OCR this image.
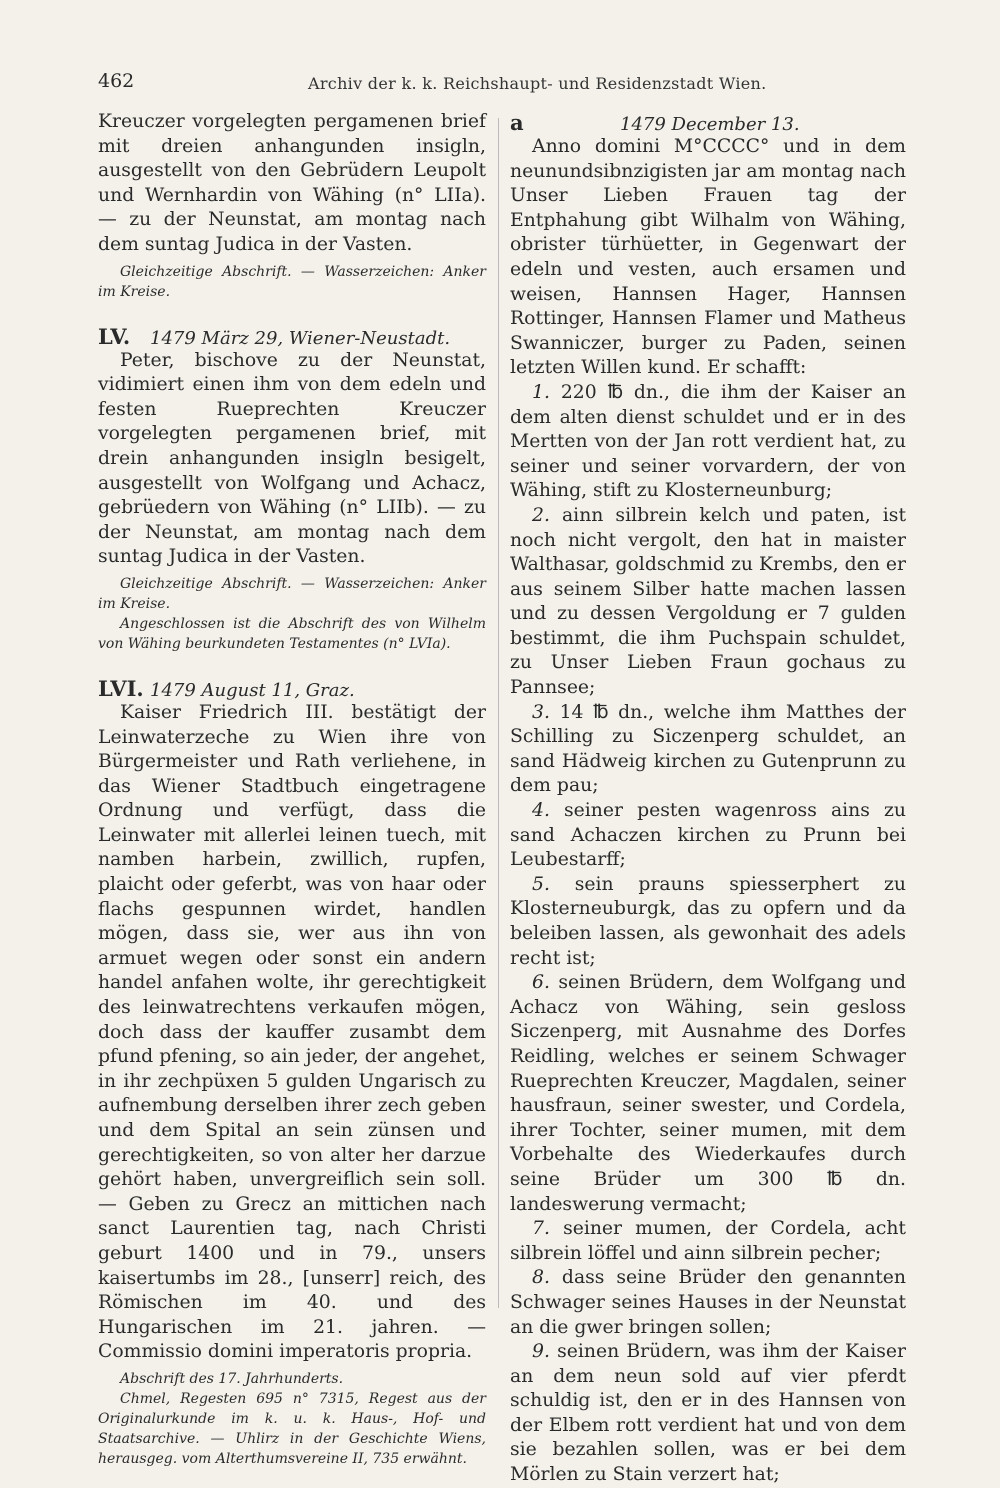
462	Archiv der k. k. Reichshaupt- und Residenzstadt Wien.

Kreuczer vorgelegten pergamenen brief mit dreien anhangunden insigln, ausgestellt von den Gebrüdern Leupolt und Wernhardin von Wähing (n° LIIa). — zu der Neunstat, am montag nach dem suntag Judica in der Vasten.

Gleichzeitige Abschrift. — Wasserzeichen: Anker im Kreise.

LV.	1479 März 29, Wiener-Neustadt.

Peter, bischove zu der Neunstat, vidimiert einen ihm von dem edeln und festen Rueprechten Kreuczer vorgelegten pergamenen brief, mit drein anhangunden insigln besigelt, ausgestellt von Wolfgang und Achacz, gebrüedern von Wähing (n° LIIb). — zu der Neunstat, am montag nach dem suntag Judica in der Vasten.

Gleichzeitige Abschrift. — Wasserzeichen: Anker im Kreise.

Angeschlossen ist die Abschrift des von Wilhelm von Wähing beurkundeten Testamentes (n° LVIa).

LVI. 1479 August 11, Graz.

Kaiser Friedrich III. bestätigt der Leinwaterzeche zu Wien ihre von Bürgermeister und Rath verliehene, in das Wiener Stadtbuch eingetragene Ordnung und verfügt, dass die Leinwater mit allerlei leinen tuech, mit namben harbein, zwillich, rupfen, plaicht oder geferbt, was von haar oder flachs gespunnen wirdet, handlen mögen, dass sie, wer aus ihn von armuet wegen oder sonst ein andern handel anfahen wolte, ihr gerechtigkeit des leinwatrechtens verkaufen mögen, doch dass der kauffer zusambt dem pfund pfening, so ain jeder, der angehet, in ihr zechpüxen 5 gulden Ungarisch zu aufnembung derselben ihrer zech geben und dem Spital an sein zünsen und gerechtigkeiten, so von alter her darzue gehört haben, unvergreiflich sein soll. — Geben zu Grecz an mittichen nach sanct Laurentien tag, nach Christi geburt 1400 und in 79., unsers kaisertumbs im 28., [unserr] reich, des Römischen im 40. und des Hungarischen im 21. jahren. — Commissio domini imperatoris propria.

Abschrift des 17. Jahrhunderts.

Chmel, Regesten 695 n° 7315, Regest aus der Originalurkunde im k. u. k. Haus-, Hof- und Staatsarchive. — Uhlirz in der Geschichte Wiens, herausgeg. vom Alterthumsvereine II, 735 erwähnt.

a	1479 December 13.

Anno domini M°CCCC° und in dem neunundsibnzigisten jar am montag nach Unser Lieben Frauen tag der Entphahung gibt Wilhalm von Wähing, obrister türhüetter, in Gegenwart der edeln und vesten, auch ersamen und weisen, Hannsen Hager, Hannsen Rottinger, Hannsen Flamer und Matheus Swanniczer, burger zu Paden, seinen letzten Willen kund. Er schafft:

1. 220 ℔ dn., die ihm der Kaiser an dem alten dienst schuldet und er in des Mertten von der Jan rott verdient hat, zu seiner und seiner vorvardern, der von Wähing, stift zu Klosterneunburg;

2. ainn silbrein kelch und paten, ist noch nicht vergolt, den hat in maister Walthasar, goldschmid zu Krembs, den er aus seinem Silber hatte machen lassen und zu dessen Vergoldung er 7 gulden bestimmt, die ihm Puchspain schuldet, zu Unser Lieben Fraun gochaus zu Pannsee;

3. 14 ℔ dn., welche ihm Matthes der Schilling zu Siczenperg schuldet, an sand Hädweig kirchen zu Gutenprunn zu dem pau;

4. seiner pesten wagenross ains zu sand Achaczen kirchen zu Prunn bei Leubestarff;

5. sein prauns spiesserphert zu Klosterneuburgk, das zu opfern und da beleiben lassen, als gewonhait des adels recht ist;

6. seinen Brüdern, dem Wolfgang und Achacz von Wähing, sein gesloss Siczenperg, mit Ausnahme des Dorfes Reidling, welches er seinem Schwager Rueprechten Kreuczer, Magdalen, seiner hausfraun, seiner swester, und Cordela, ihrer Tochter, seiner mumen, mit dem Vorbehalte des Wiederkaufes durch seine Brüder um 300 ℔ dn. landeswerung vermacht;

7. seiner mumen, der Cordela, acht silbrein löffel und ainn silbrein pecher;

8. dass seine Brüder den genannten Schwager seines Hauses in der Neunstat an die gwer bringen sollen;

9. seinen Brüdern, was ihm der Kaiser an dem neun sold auf vier pferdt schuldig ist, den er in des Hannsen von der Elbem rott verdient hat und von dem sie bezahlen sollen, was er bei dem Mörlen zu Stain verzert hat;
